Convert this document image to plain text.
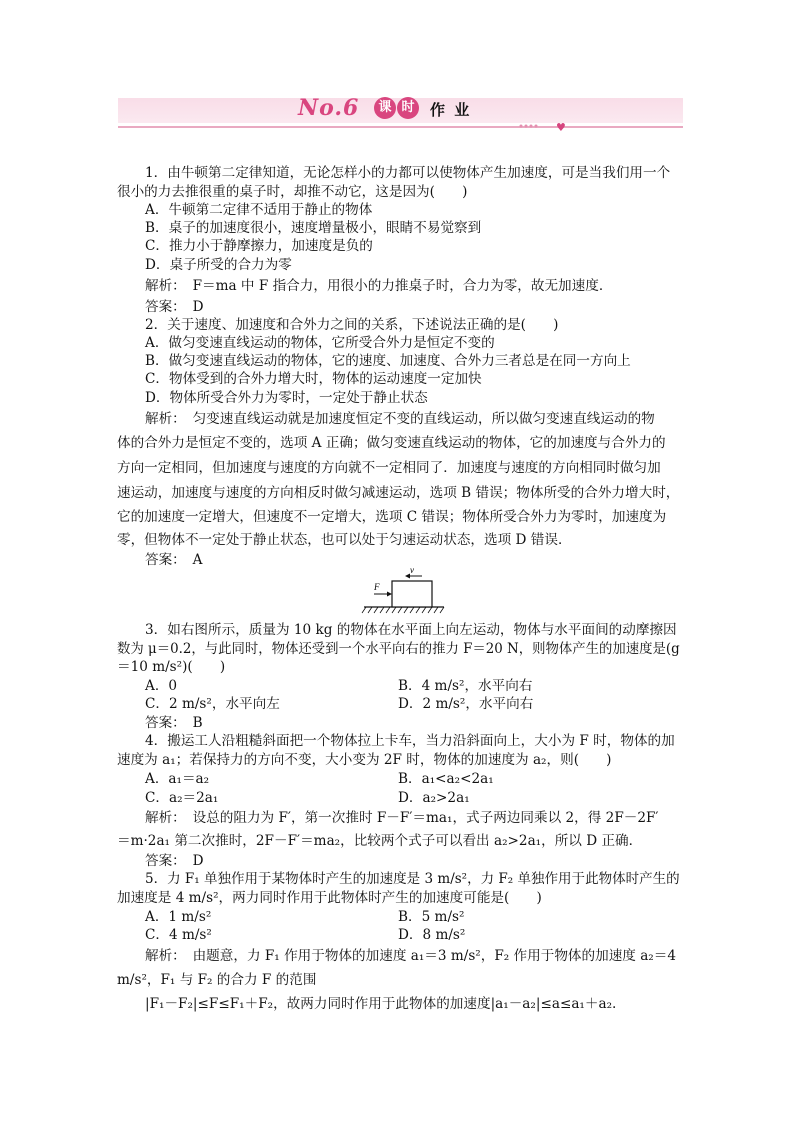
♥
No.6	课 时	作 业
1．由牛顿第二定律知道，无论怎样小的力都可以使物体产生加速度，可是当我们用一个
很小的力去推很重的桌子时，却推不动它，这是因为(　　)
A．牛顿第二定律不适用于静止的物体
B．桌子的加速度很小，速度增量极小，眼睛不易觉察到
C．推力小于静摩擦力，加速度是负的
D．桌子所受的合力为零
解析：　F＝ma 中 F 指合力，用很小的力推桌子时，合力为零，故无加速度．
答案：　D
2．关于速度、加速度和合外力之间的关系，下述说法正确的是(　　)
A．做匀变速直线运动的物体，它所受合外力是恒定不变的
B．做匀变速直线运动的物体，它的速度、加速度、合外力三者总是在同一方向上
C．物体受到的合外力增大时，物体的运动速度一定加快
D．物体所受合外力为零时，一定处于静止状态
解析：　匀变速直线运动就是加速度恒定不变的直线运动，所以做匀变速直线运动的物
体的合外力是恒定不变的，选项 A 正确；做匀变速直线运动的物体，它的加速度与合外力的
方向一定相同，但加速度与速度的方向就不一定相同了．加速度与速度的方向相同时做匀加
速运动，加速度与速度的方向相反时做匀减速运动，选项 B 错误；物体所受的合外力增大时，
它的加速度一定增大，但速度不一定增大，选项 C 错误；物体所受合外力为零时，加速度为
零，但物体不一定处于静止状态，也可以处于匀速运动状态，选项 D 错误．
答案：　A
F
v
3．如右图所示，质量为 10 kg 的物体在水平面上向左运动，物体与水平面间的动摩擦因
数为 μ＝0.2，与此同时，物体还受到一个水平向右的推力 F＝20 N，则物体产生的加速度是(g
＝10 m/s²)(　　)
A．0	B．4 m/s²，水平向右
C．2 m/s²，水平向左	D．2 m/s²，水平向右
答案：　B
4．搬运工人沿粗糙斜面把一个物体拉上卡车，当力沿斜面向上，大小为 F 时，物体的加
速度为 a₁；若保持力的方向不变，大小变为 2F 时，物体的加速度为 a₂，则(　　)
A．a₁＝a₂	B．a₁<a₂<2a₁
C．a₂＝2a₁	D．a₂>2a₁
解析：　设总的阻力为 F′，第一次推时 F－F′＝ma₁，式子两边同乘以 2，得 2F－2F′
＝m·2a₁ 第二次推时，2F－F′＝ma₂，比较两个式子可以看出 a₂>2a₁，所以 D 正确．
答案：　D
5．力 F₁ 单独作用于某物体时产生的加速度是 3 m/s²，力 F₂ 单独作用于此物体时产生的
加速度是 4 m/s²，两力同时作用于此物体时产生的加速度可能是(　　)
A．1 m/s²	B．5 m/s²
C．4 m/s²	D．8 m/s²
解析：　由题意，力 F₁ 作用于物体的加速度 a₁＝3 m/s²，F₂ 作用于物体的加速度 a₂＝4
m/s²，F₁ 与 F₂ 的合力 F 的范围
|F₁－F₂|≤F≤F₁＋F₂，故两力同时作用于此物体的加速度|a₁－a₂|≤a≤a₁＋a₂.
